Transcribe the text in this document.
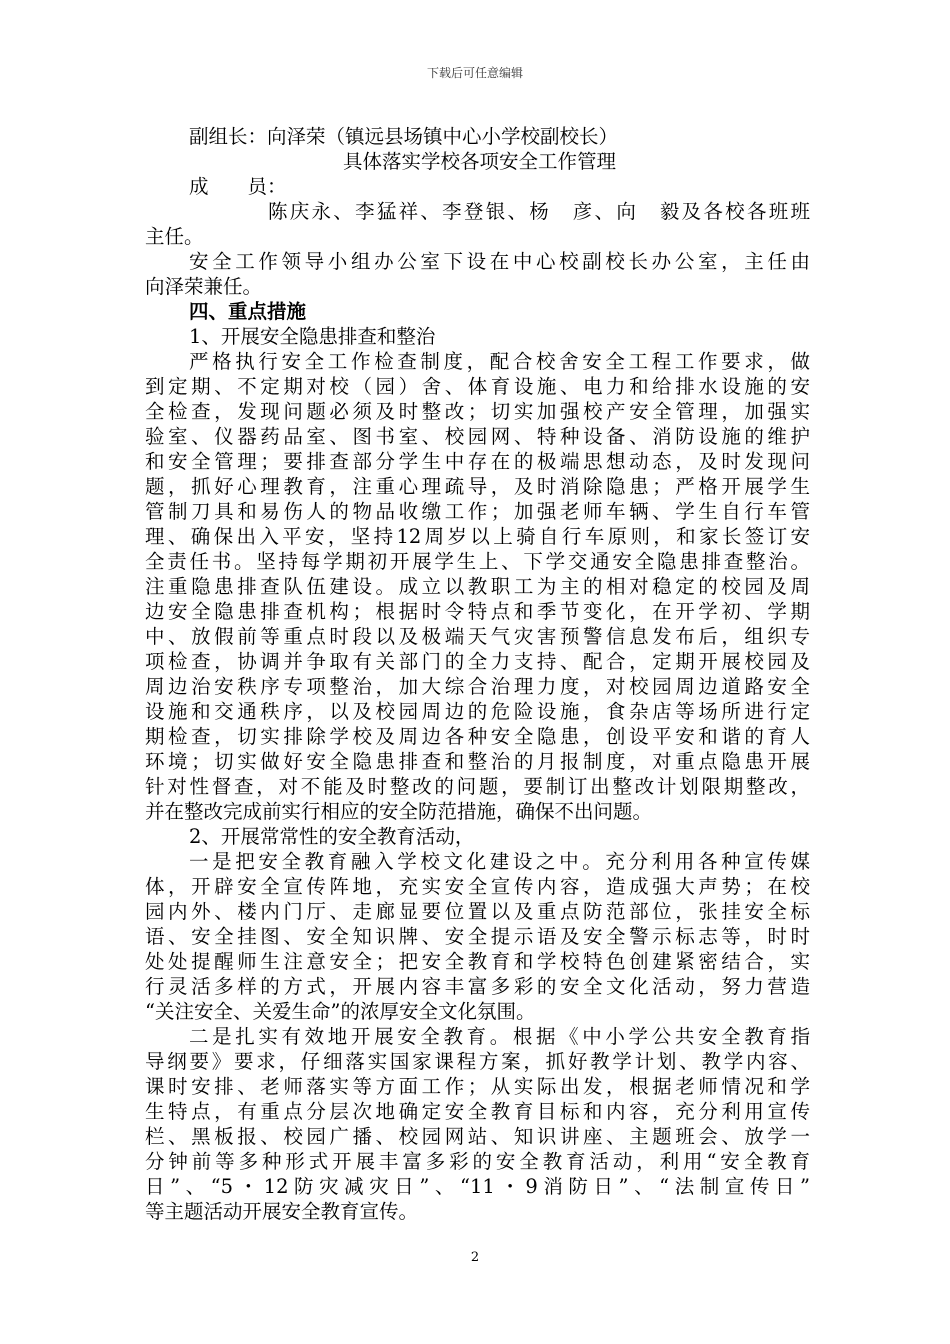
下载后可任意编辑
副组长：向泽荣（镇远县场镇中心小学校副校长）
具体落实学校各项安全工作管理
成　　员：
陈庆永、李猛祥、李登银、杨　彦、向　毅及各校各班班
主任。
安全工作领导小组办公室下设在中心校副校长办公室，主任由
向泽荣兼任。
四、重点措施
1、开展安全隐患排查和整治
严格执行安全工作检查制度，配合校舍安全工程工作要求，做
到定期、不定期对校（园）舍、体育设施、电力和给排水设施的安
全检查，发现问题必须及时整改；切实加强校产安全管理，加强实
验室、仪器药品室、图书室、校园网、特种设备、消防设施的维护
和安全管理；要排查部分学生中存在的极端思想动态，及时发现问
题，抓好心理教育，注重心理疏导，及时消除隐患；严格开展学生
管制刀具和易伤人的物品收缴工作；加强老师车辆、学生自行车管
理、确保出入平安，坚持12周岁以上骑自行车原则，和家长签订安
全责任书。坚持每学期初开展学生上、下学交通安全隐患排查整治。
注重隐患排查队伍建设。成立以教职工为主的相对稳定的校园及周
边安全隐患排查机构；根据时令特点和季节变化，在开学初、学期
中、放假前等重点时段以及极端天气灾害预警信息发布后，组织专
项检查，协调并争取有关部门的全力支持、配合，定期开展校园及
周边治安秩序专项整治，加大综合治理力度，对校园周边道路安全
设施和交通秩序，以及校园周边的危险设施，食杂店等场所进行定
期检查，切实排除学校及周边各种安全隐患，创设平安和谐的育人
环境；切实做好安全隐患排查和整治的月报制度，对重点隐患开展
针对性督查，对不能及时整改的问题，要制订出整改计划限期整改，
并在整改完成前实行相应的安全防范措施，确保不出问题。
2、开展常常性的安全教育活动，
一是把安全教育融入学校文化建设之中。充分利用各种宣传媒
体，开辟安全宣传阵地，充实安全宣传内容，造成强大声势；在校
园内外、楼内门厅、走廊显要位置以及重点防范部位，张挂安全标
语、安全挂图、安全知识牌、安全提示语及安全警示标志等，时时
处处提醒师生注意安全；把安全教育和学校特色创建紧密结合，实
行灵活多样的方式，开展内容丰富多彩的安全文化活动，努力营造
“关注安全、关爱生命”的浓厚安全文化氛围。
二是扎实有效地开展安全教育。根据《中小学公共安全教育指
导纲要》要求，仔细落实国家课程方案，抓好教学计划、教学内容、
课时安排、老师落实等方面工作；从实际出发，根据老师情况和学
生特点，有重点分层次地确定安全教育目标和内容，充分利用宣传
栏、黑板报、校园广播、校园网站、知识讲座、主题班会、放学一
分钟前等多种形式开展丰富多彩的安全教育活动，利用“安全教育
日”、“5・12防灾减灾日”、“11・9消防日”、“法制宣传日”
等主题活动开展安全教育宣传。
2
